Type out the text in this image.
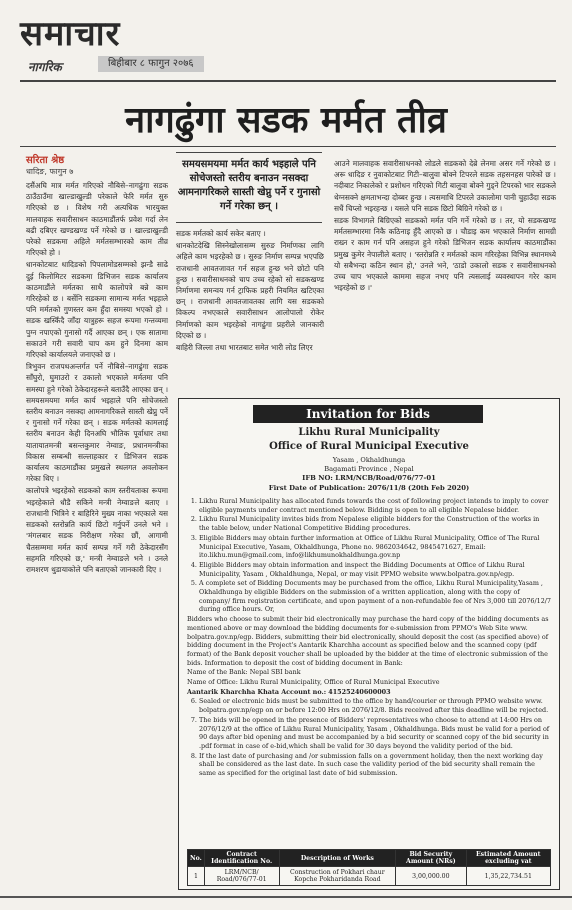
समाचार
नागरिक	बिहीबार ८ फागुन २०७६
नागढुंगा सडक मर्मत तीव्र
सरिता श्रेष्ठ
धादिङ, फागुन ७

दसैंअघि मात्र मर्मत गरिएको नौबिसे–नागढुंगा सडक ठाउँठाउँमा खाल्डाखुल्डी परेकाले फेरि मर्मत सुरु गरिएको छ । विशेष गरी अत्यधिक भारयुक्त मालवाहक सवारीसाधन काठमाडौंतर्फ प्रवेश गर्दा लेन बढी दबिएर खण्डखण्ड पर्ने गरेको छ । खाल्डाखुल्डी परेको सडकमा अहिले मर्मतसम्भारको काम तीव्र गरिएको हो ।

धानकोटबाट धादिङको पिपलामोडसम्मको झन्डै साढे दुई किलोमिटर सडकमा डिभिजन सडक कार्यालय काठमाडौंले मर्मतका साथै कालोपत्रे बन्ने काम गरिरहेको छ । बर्सेनि सडकमा सामान्य मर्मत भइहाले पनि मर्मतको गुणस्तर कम हुँदा समस्या भएको हो । सडक खस्किँदै जाँदा यात्रुहरू सहज रूपमा गन्तव्यमा पुग्न नपाएको गुनासो गर्दै आएका छन् । एक सातामा सकाउने गरी सवारी चाप कम हुने दिनमा काम गरिएको कार्यालयले जनाएको छ ।

त्रिभुवन राजपथअन्तर्गत पर्ने नौबिसे–नागढुंगा सडक साँघुरो, घुमाउरो र उकालो भएकाले मर्मतमा पनि समस्या हुने गरेको ठेकेदारहरूले बताउँदै आएका छन् । समयसमयमा मर्मत कार्य भइहाले पनि सोचेजस्तो स्तरीय बनाउन नसक्दा आमनागरिकले सास्ती खेप्नु पर्ने र गुनासो गर्ने गरेका छन् । सडक मर्मतको कामलाई स्तरीय बनाउन केही दिनअघि भौतिक पूर्वाधार तथा यातायातमन्त्री बसन्तकुमार नेम्वाङ, प्रधानमन्त्रीका विकास सम्बन्धी सल्लाहकार र डिभिजन सडक कार्यालय काठमाडौंका प्रमुखले स्थलगत अवलोकन गरेका थिए ।

कालोपत्रे भइरहेको सडकको काम स्तरीयताका रूपमा भइरहेकाले धौडै सकिने मन्त्री नेम्वाङले बताए । राजधानी भित्रिने र बाहिरिने मुख्य नाका भएकाले यस सडकको स्तरोन्नति कार्य छिटो गर्नुपर्ने उनले भने । 'मंगलबार सडक निरीक्षण गरेका छौं, आगामी चैतसम्ममा मर्मत कार्य सम्पन्न गर्ने गरी ठेकेदारसँग सहमति गरिएको छ,' मन्त्री नेम्वाङले भने । उनले रामशरण थुडायाकोले पनि बताएको जानकारी दिए ।

समयसमयमा मर्मत कार्य भइहाले पनि सोचेजस्तो स्तरीय बनाउन नसक्दा आमनागरिकले सास्ती खेप्नु पर्ने र गुनासो गर्ने गरेका छन् ।

सडक मर्मतको कार्य सकेर बताए ।

धानकोटदेखि सिस्नेखोलासम्म सुरुङ निर्माणका लागि अहिले काम भइरहेको छ । सुरुङ निर्माण सम्पन्न भएपछि राजधानी आवतजावत गर्न सहज हुन्छ भने छोटो पनि हुन्छ । सवारीसाधनको चाप उच्च रहेको सो सडकखण्ड निर्माणमा समन्वय गर्न ट्राफिक प्रहरी नियमित खटिएका छन् । राजधानी आवतजावतका लागि यस सडकको विकल्प नभएकाले सवारीसाधन आलोपालो रोकेर निर्माणको काम भइरहेको नागढुंगा प्रहरीले जानकारी दिएको छ ।

बाहिरी जिल्ला तथा भारतबाट समेत भारी लोड लिएर

आउने मालवाहक सवारीसाधनको लोडले सडकको देब्रे लेनमा असर गर्ने गरेको छ । अरू धादिङ र नुवाकोटबाट गिटी–बालुवा बोक्ने टिपरले सडक तहसनहस पारेको छ । नदीबाट निकालेको र प्रशोधन गरिएको गिटी बालुवा बोक्ने गुड्ने टिपरको भार सडकले थेग्नसक्ने क्षमताभन्दा दोब्बर हुन्छ । त्यसमाथि टिपरले उकालोमा पानी चुहाउँदा सडक सधैं चिप्लो भइरहन्छ । यसले पनि सडक छिटो बिग्रिने गरेको छ ।

सडक विभागले बिग्रिएको सडकको मर्मत पनि गर्ने गरेको छ । तर, यो सडकखण्ड मर्मतसम्भारमा निकै कठिनाइ हुँदै आएको छ । चौडाइ कम भएकाले निर्माण सामग्री राख्न र काम गर्न पनि असहज हुने गरेको डिभिजन सडक कार्यालय काठमाडौंका प्रमुख कुमेर नेपालीले बताए । 'स्तरोन्नति र मर्मतको काम गरिरहेका विभिन्न स्थानमध्ये यो सबैभन्दा कठिन स्थान हो,' उनले भने, 'ठाडो उकालो सडक र सवारीसाधनको उच्च चाप भएकाले काममा सहज नभए पनि त्यसलाई व्यवस्थापन गरेर काम भइरहेको छ ।'

Invitation for Bids
Likhu Rural Municipality
Office of Rural Municipal Executive
Yasam , Okhaldhunga
Bagamati Province , Nepal
IFB NO: LRM/NCB/Road/076/77-01
First Date of Publication: 2076/11/8 (20th Feb 2020)
1. Likhu Rural Municipality has allocated funds towards the cost of following project intends to imply to cover eligible payments under contract mentioned below. Bidding is open to all eligible Nepalese bidder.
2. Likhu Rural Municipality invites bids from Nepalese eligible bidders for the Construction of the works in the table below, under National Competitive Bidding procedures.
3. Eligible Bidders may obtain further information at Office of Likhu Rural Municipality, Office of The Rural Municipal Executive, Yasam, Okhaldhunga, Phone no. 9862034642, 9845471627, Email: ito.likhu.mun@gmail.com, info@likhumunokhaldhunga.gov.np
4. Eligible Bidders may obtain information and inspect the Bidding Documents at Office of Likhu Rural Municipality, Yasam , Okhaldhunga, Nepal, or may visit PPMO website www.bolpatra.gov.np/egp.
5. A complete set of Bidding Documents may be purchased from the office, Likhu Rural Municipality,Yasam , Okhaldhunga by eligible Bidders on the submission of a written application, along with the copy of company/ firm registration certificate, and upon payment of a non-refundable fee of Nrs 3,000 till 2076/12/7 during office hours. Or,
Bidders who choose to submit their bid electronically may purchase the hard copy of the bidding documents as mentioned above or may download the bidding documents for e-submission from PPMO's Web Site www. bolpatra.gov.np/egp. Bidders, submitting their bid electronically, should deposit the cost (as specified above) of bidding document in the Project's Aantarik Kharchha account as specified below and the scanned copy (pdf format) of the Bank deposit voucher shall be uploaded by the bidder at the time of electronic submission of the bids. Information to deposit the cost of bidding document in Bank:
Name of the Bank: Nepal SBI bank
Name of Office: Likhu Rural Municipality, Office of Rural Municipal Executive
Aantarik Kharchha Khata Account no.: 41525240600003
6. Sealed or electronic bids must be submitted to the office by hand/courier or through PPMO website www. bolpatra.gov.np/egp on or before 12:00 Hrs on 2076/12/8. Bids received after this deadline will be rejected.
7. The bids will be opened in the presence of Bidders' representatives who choose to attend at 14:00 Hrs on 2076/12/9 at the office of Likhu Rural Municipality, Yasam , Okhaldhunga. Bids must be valid for a period of 90 days after bid opening and must be accompanied by a bid security or scanned copy of the bid security in .pdf format in case of e-bid,which shall be valid for 30 days beyond the validity period of the bid.
8. If the last date of purchasing and /or submission falls on a government holiday, then the next working day shall be considered as the last date. In such case the validity period of the bid security shall remain the same as specified for the original last date of bid submission.
No.	Contract Identification No.	Description of Works	Bid Security Amount (NRs)	Estimated Amount excluding vat
1	LRM/NCB/ Road/076/77-01	Construction of Pokhari chaur Kopche Pokharidanda Road	3,00,000.00	1,35,22,734.51
